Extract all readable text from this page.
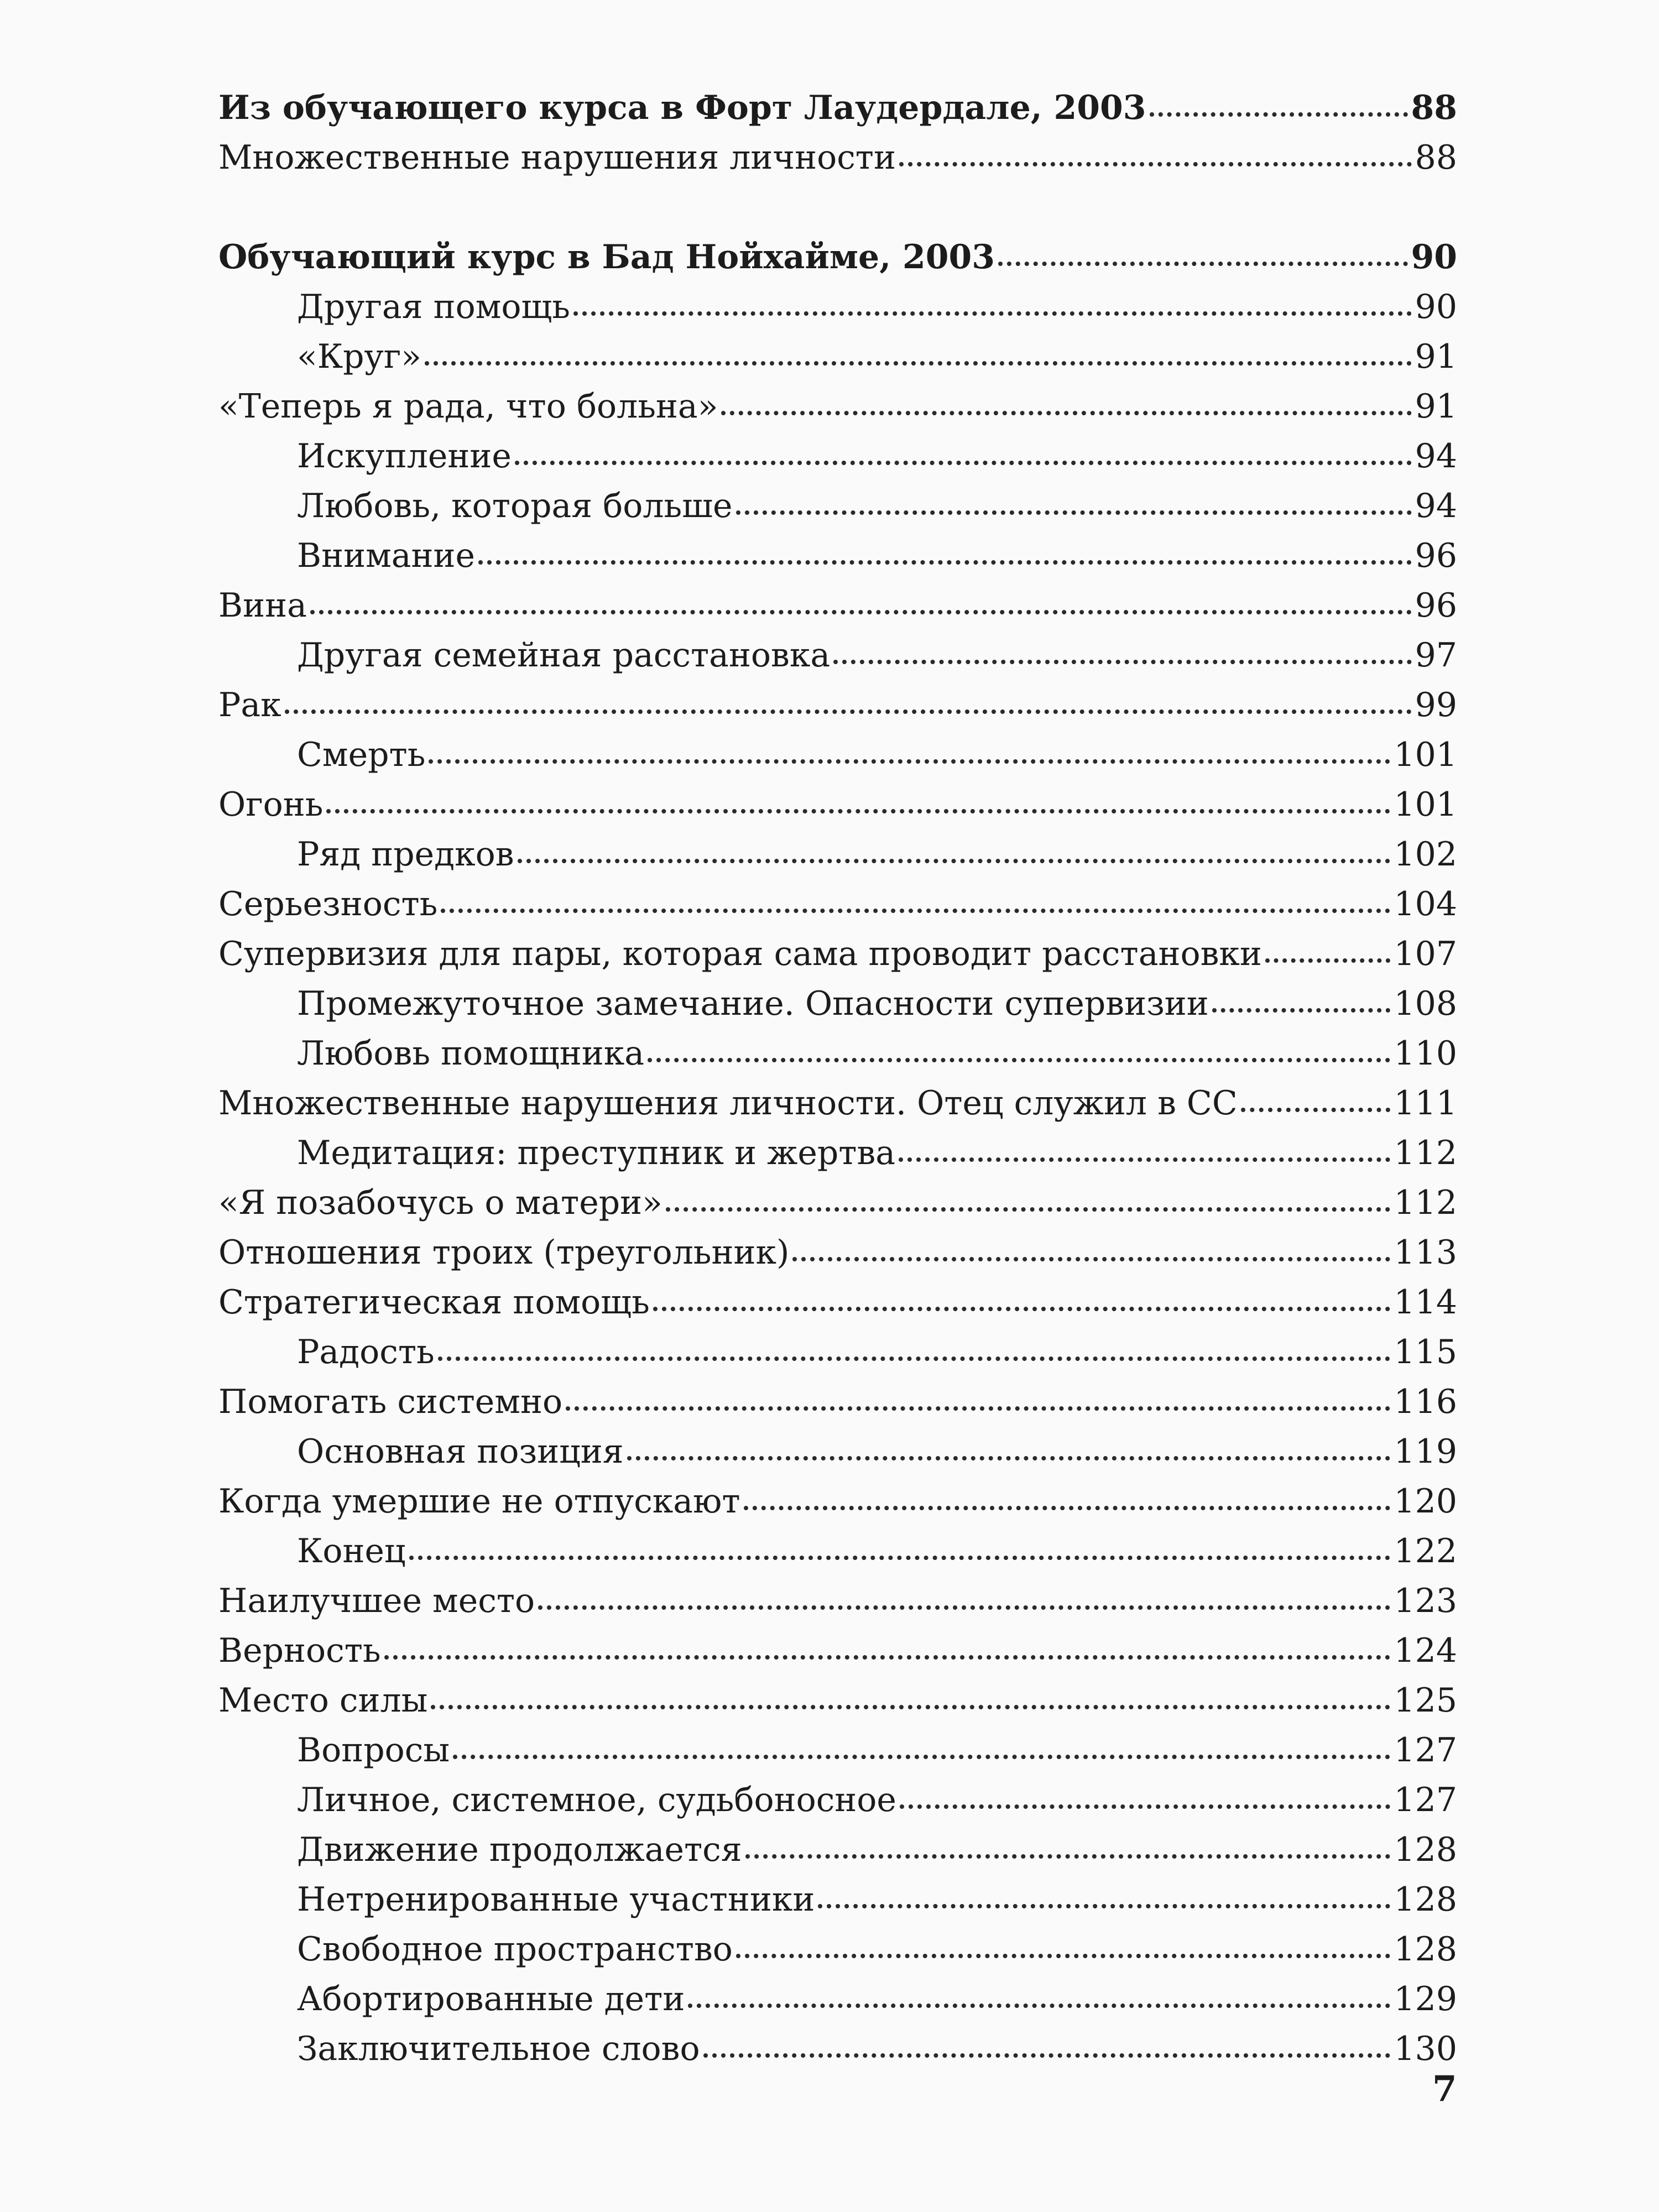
Из обучающего курса в Форт Лаудердале, 2003	88
Множественные нарушения личности	88
Обучающий курс в Бад Нойхайме, 2003	90
Другая помощь	90
«Круг»	91
«Теперь я рада, что больна»	91
Искупление	94
Любовь, которая больше	94
Внимание	96
Вина	96
Другая семейная расстановка	97
Рак	99
Смерть	101
Огонь	101
Ряд предков	102
Серьезность	104
Супервизия для пары, которая сама проводит расстановки	107
Промежуточное замечание. Опасности супервизии	108
Любовь помощника	110
Множественные нарушения личности. Отец служил в СС	111
Медитация: преступник и жертва	112
«Я позабочусь о матери»	112
Отношения троих (треугольник)	113
Стратегическая помощь	114
Радость	115
Помогать системно	116
Основная позиция	119
Когда умершие не отпускают	120
Конец	122
Наилучшее место	123
Верность	124
Место силы	125
Вопросы	127
Личное, системное, судьбоносное	127
Движение продолжается	128
Нетренированные участники	128
Свободное пространство	128
Абортированные дети	129
Заключительное слово	130
7
